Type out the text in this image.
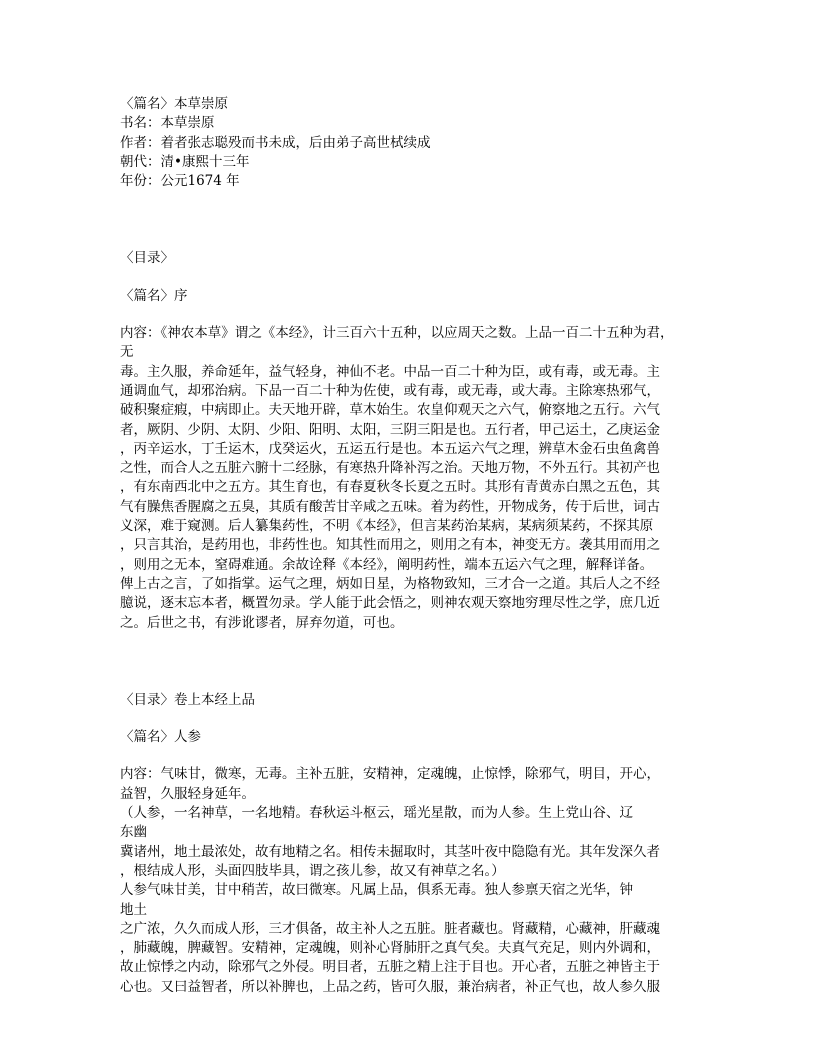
〈篇名〉本草崇原
书名：本草崇原
作者：着者张志聪殁而书未成，后由弟子高世栻续成
朝代：清•康熙十三年
年份：公元1674 年
〈目录〉
〈篇名〉序
内容：《神农本草》谓之《本经》，计三百六十五种，以应周天之数。上品一百二十五种为君，
无
毒。主久服，养命延年，益气轻身，神仙不老。中品一百二十种为臣，或有毒，或无毒。主
通调血气，却邪治病。下品一百二十种为佐使，或有毒，或无毒，或大毒。主除寒热邪气，
破积聚症瘕，中病即止。夫天地开辟，草木始生。农皇仰观天之六气，俯察地之五行。六气
者，厥阴、少阴、太阴、少阳、阳明、太阳，三阴三阳是也。五行者，甲己运土，乙庚运金
，丙辛运水，丁壬运木，戊癸运火，五运五行是也。本五运六气之理，辨草木金石虫鱼禽兽
之性，而合人之五脏六腑十二经脉，有寒热升降补泻之治。天地万物，不外五行。其初产也
，有东南西北中之五方。其生育也，有春夏秋冬长夏之五时。其形有青黄赤白黑之五色，其
气有臊焦香腥腐之五臭，其质有酸苦甘辛咸之五味。着为药性，开物成务，传于后世，词古
义深，难于窥测。后人纂集药性，不明《本经》，但言某药治某病，某病须某药，不探其原
，只言其治，是药用也，非药性也。知其性而用之，则用之有本，神变无方。袭其用而用之
，则用之无本，窒碍难通。余故诠释《本经》，阐明药性，端本五运六气之理，解释详备。
俾上古之言，了如指掌。运气之理，炳如日星，为格物致知，三才合一之道。其后人之不经
臆说，逐末忘本者，概置勿录。学人能于此会悟之，则神农观天察地穷理尽性之学，庶几近
之。后世之书，有涉讹谬者，屏弃勿道，可也。
〈目录〉卷上本经上品
〈篇名〉人参
内容：气味甘，微寒，无毒。主补五脏，安精神，定魂魄，止惊悸，除邪气，明目，开心，
益智，久服轻身延年。
（人参，一名神草，一名地精。春秋运斗枢云，瑶光星散，而为人参。生上党山谷、辽
东幽
冀诸州，地土最浓处，故有地精之名。相传未掘取时，其茎叶夜中隐隐有光。其年发深久者
，根结成人形，头面四肢毕具，谓之孩儿参，故又有神草之名。）
人参气味甘美，甘中稍苦，故曰微寒。凡属上品，俱系无毒。独人参禀天宿之光华，钟
地土
之广浓，久久而成人形，三才俱备，故主补人之五脏。脏者藏也。肾藏精，心藏神，肝藏魂
，肺藏魄，脾藏智。安精神，定魂魄，则补心肾肺肝之真气矣。夫真气充足，则内外调和，
故止惊悸之内动，除邪气之外侵。明目者，五脏之精上注于目也。开心者，五脏之神皆主于
心也。又曰益智者，所以补脾也，上品之药，皆可久服，兼治病者，补正气也，故人参久服
